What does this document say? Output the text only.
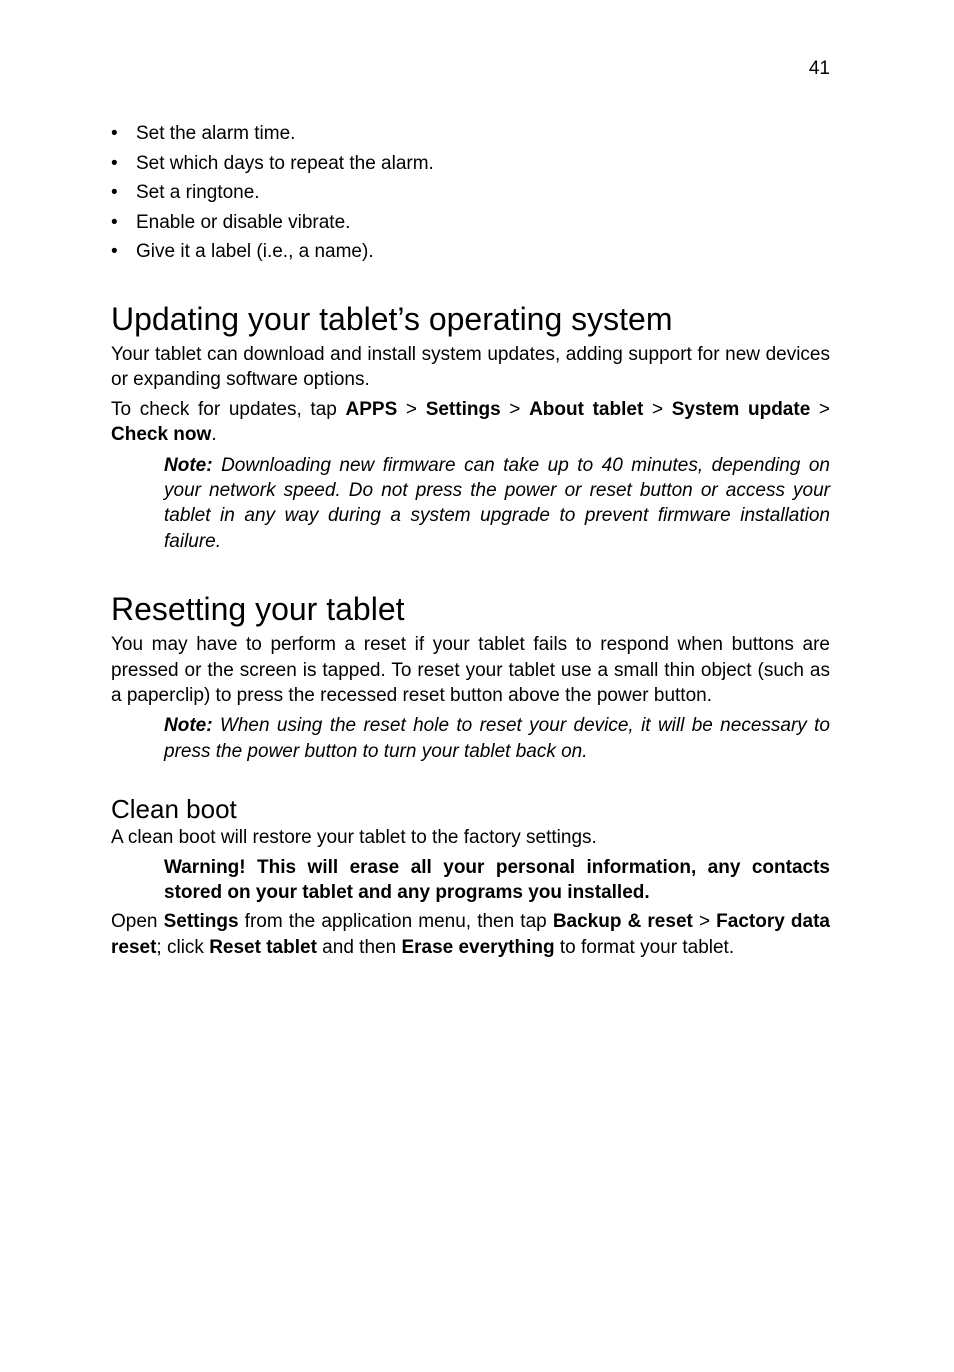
41
• Set the alarm time.
• Set which days to repeat the alarm.
• Set a ringtone.
• Enable or disable vibrate.
• Give it a label (i.e., a name).
Updating your tablet’s operating system

Your tablet can download and install system updates, adding support for new devices or expanding software options.

To check for updates, tap APPS > Settings > About tablet > System update > Check now.

Note: Downloading new firmware can take up to 40 minutes, depending on your network speed. Do not press the power or reset button or access your tablet in any way during a system upgrade to prevent firmware installation failure.

Resetting your tablet

You may have to perform a reset if your tablet fails to respond when buttons are pressed or the screen is tapped. To reset your tablet use a small thin object (such as a paperclip) to press the recessed reset button above the power button.

Note: When using the reset hole to reset your device, it will be necessary to press the power button to turn your tablet back on.

Clean boot

A clean boot will restore your tablet to the factory settings.

Warning! This will erase all your personal information, any contacts stored on your tablet and any programs you installed.

Open Settings from the application menu, then tap Backup & reset > Factory data reset; click Reset tablet and then Erase everything to format your tablet.
